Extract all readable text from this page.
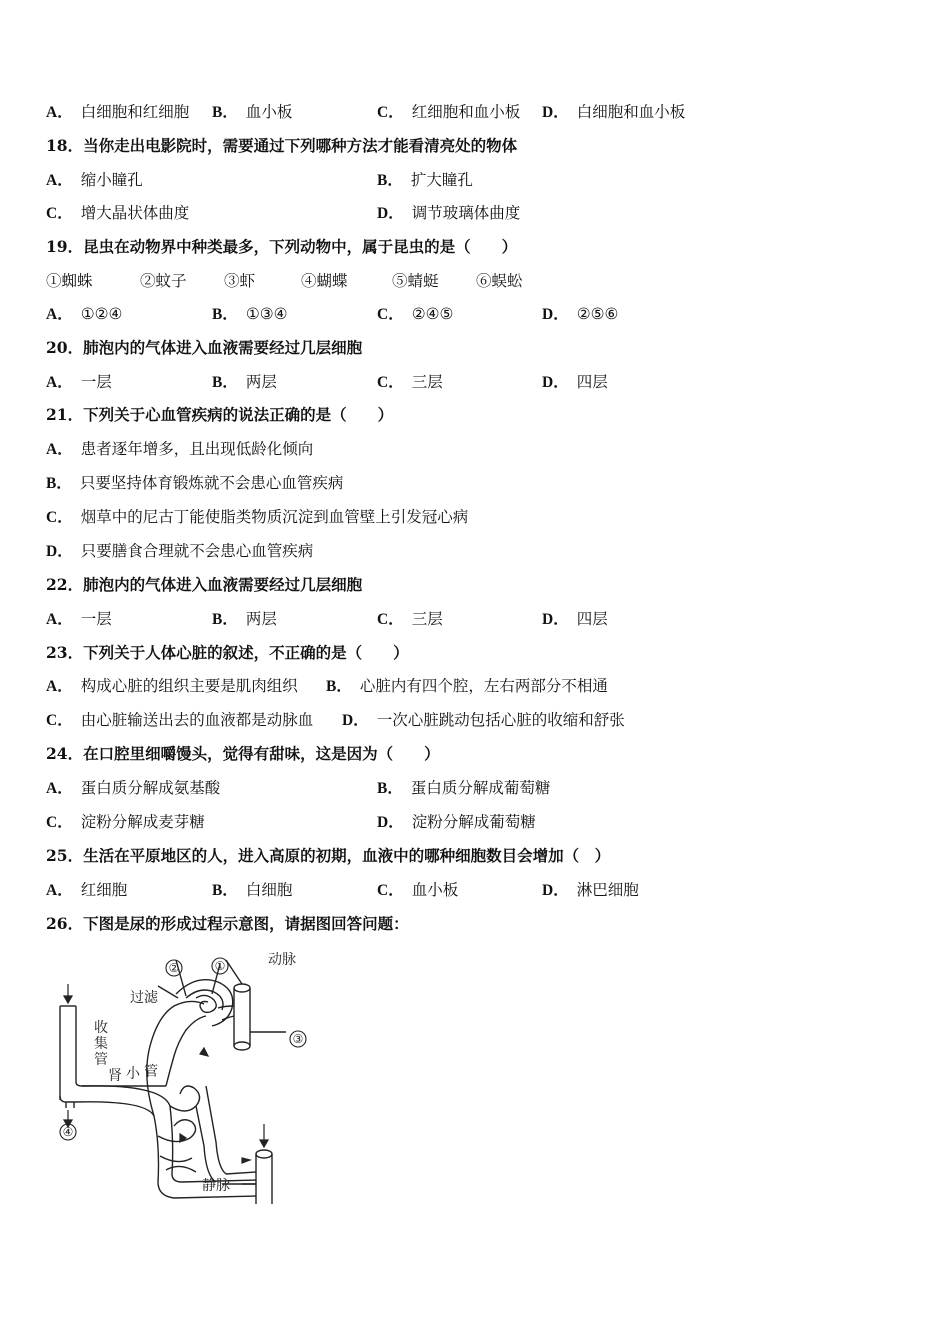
A． 白细胞和红细胞 B． 血小板	C． 红细胞和血小板 D． 白细胞和血小板
18．当你走出电影院时，需要通过下列哪种方法才能看清亮处的物体
A． 缩小瞳孔	B． 扩大瞳孔
C． 增大晶状体曲度	D． 调节玻璃体曲度
19．昆虫在动物界中种类最多，下列动物中，属于昆虫的是（　　）
①蜘蛛	②蚊子 ③虾	④蝴蝶	⑤蜻蜓 ⑥蜈蚣
A． ①②④	B． ①③④	C． ②④⑤	D． ②⑤⑥
20．肺泡内的气体进入血液需要经过几层细胞
A． 一层	B． 两层	C． 三层	D． 四层
21．下列关于心血管疾病的说法正确的是（　　）
A． 患者逐年增多，且出现低龄化倾向
B． 只要坚持体育锻炼就不会患心血管疾病
C． 烟草中的尼古丁能使脂类物质沉淀到血管壁上引发冠心病
D． 只要膳食合理就不会患心血管疾病
22．肺泡内的气体进入血液需要经过几层细胞
A． 一层	B． 两层	C． 三层	D． 四层
23．下列关于人体心脏的叙述，不正确的是（　　）
A． 构成心脏的组织主要是肌肉组织 B． 心脏内有四个腔，左右两部分不相通
C． 由心脏输送出去的血液都是动脉血 D． 一次心脏跳动包括心脏的收缩和舒张
24．在口腔里细嚼馒头，觉得有甜味，这是因为（　　）
A． 蛋白质分解成氨基酸	B． 蛋白质分解成葡萄糖
C． 淀粉分解成麦芽糖	D． 淀粉分解成葡萄糖
25．生活在平原地区的人，进入高原的初期，血液中的哪种细胞数目会增加（　）
A． 红细胞	B． 白细胞	C． 血小板	D． 淋巴细胞
26．下图是尿的形成过程示意图，请据图回答问题：
①
②
③
④
动脉
过滤
静脉
收
集
管
肾 小 管
